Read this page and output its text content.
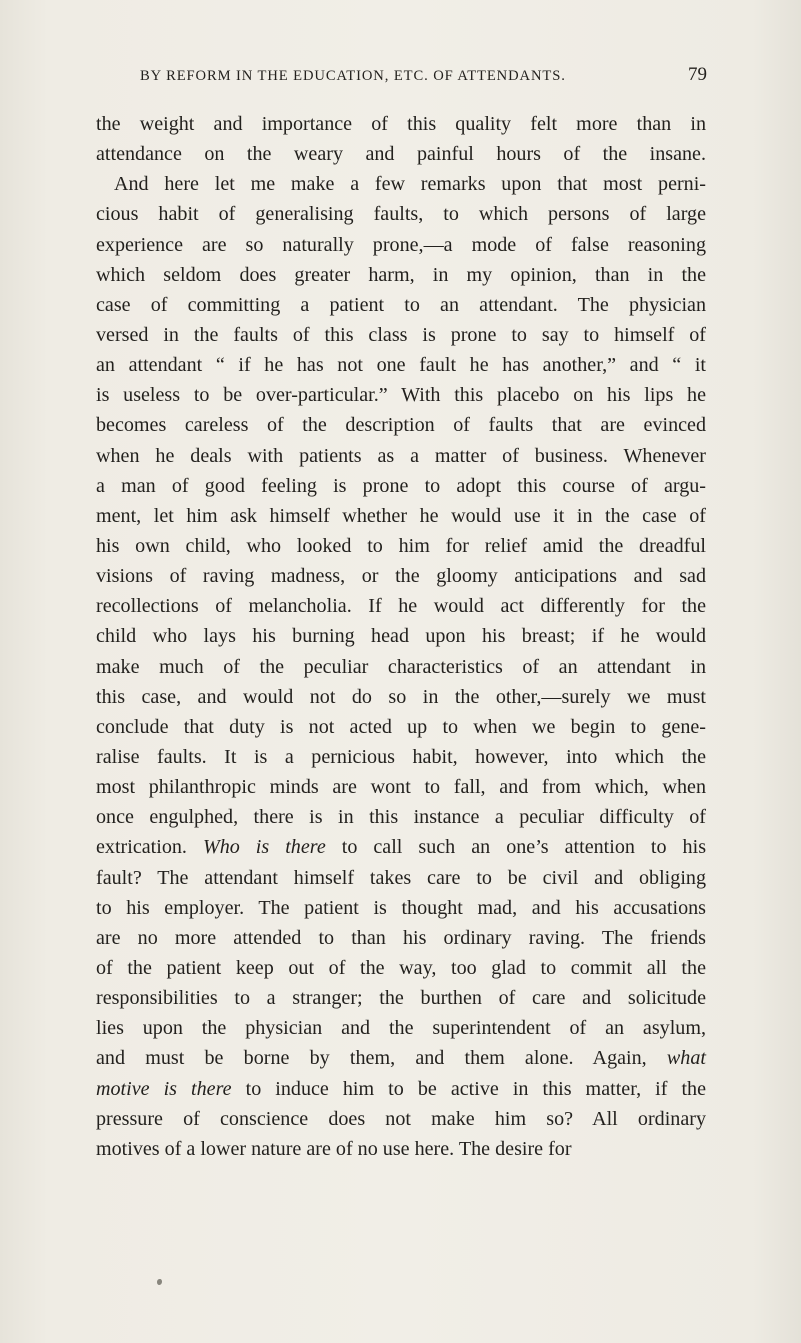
BY REFORM IN THE EDUCATION, ETC. OF ATTENDANTS.	79
the weight and importance of this quality felt more than in
attendance on the weary and painful hours of the insane.
And here let me make a few remarks upon that most perni-
cious habit of generalising faults, to which persons of large
experience are so naturally prone,—a mode of false reasoning
which seldom does greater harm, in my opinion, than in the
case of committing a patient to an attendant. The physician
versed in the faults of this class is prone to say to himself of
an attendant “ if he has not one fault he has another,” and “ it
is useless to be over-particular.” With this placebo on his lips he
becomes careless of the description of faults that are evinced
when he deals with patients as a matter of business. Whenever
a man of good feeling is prone to adopt this course of argu-
ment, let him ask himself whether he would use it in the case of
his own child, who looked to him for relief amid the dreadful
visions of raving madness, or the gloomy anticipations and sad
recollections of melancholia. If he would act differently for the
child who lays his burning head upon his breast; if he would
make much of the peculiar characteristics of an attendant in
this case, and would not do so in the other,—surely we must
conclude that duty is not acted up to when we begin to gene-
ralise faults. It is a pernicious habit, however, into which the
most philanthropic minds are wont to fall, and from which, when
once engulphed, there is in this instance a peculiar difficulty of
extrication. Who is there to call such an one’s attention to his
fault? The attendant himself takes care to be civil and obliging
to his employer. The patient is thought mad, and his accusations
are no more attended to than his ordinary raving. The friends
of the patient keep out of the way, too glad to commit all the
responsibilities to a stranger; the burthen of care and solicitude
lies upon the physician and the superintendent of an asylum,
and must be borne by them, and them alone. Again, what
motive is there to induce him to be active in this matter, if the
pressure of conscience does not make him so? All ordinary
motives of a lower nature are of no use here. The desire for
